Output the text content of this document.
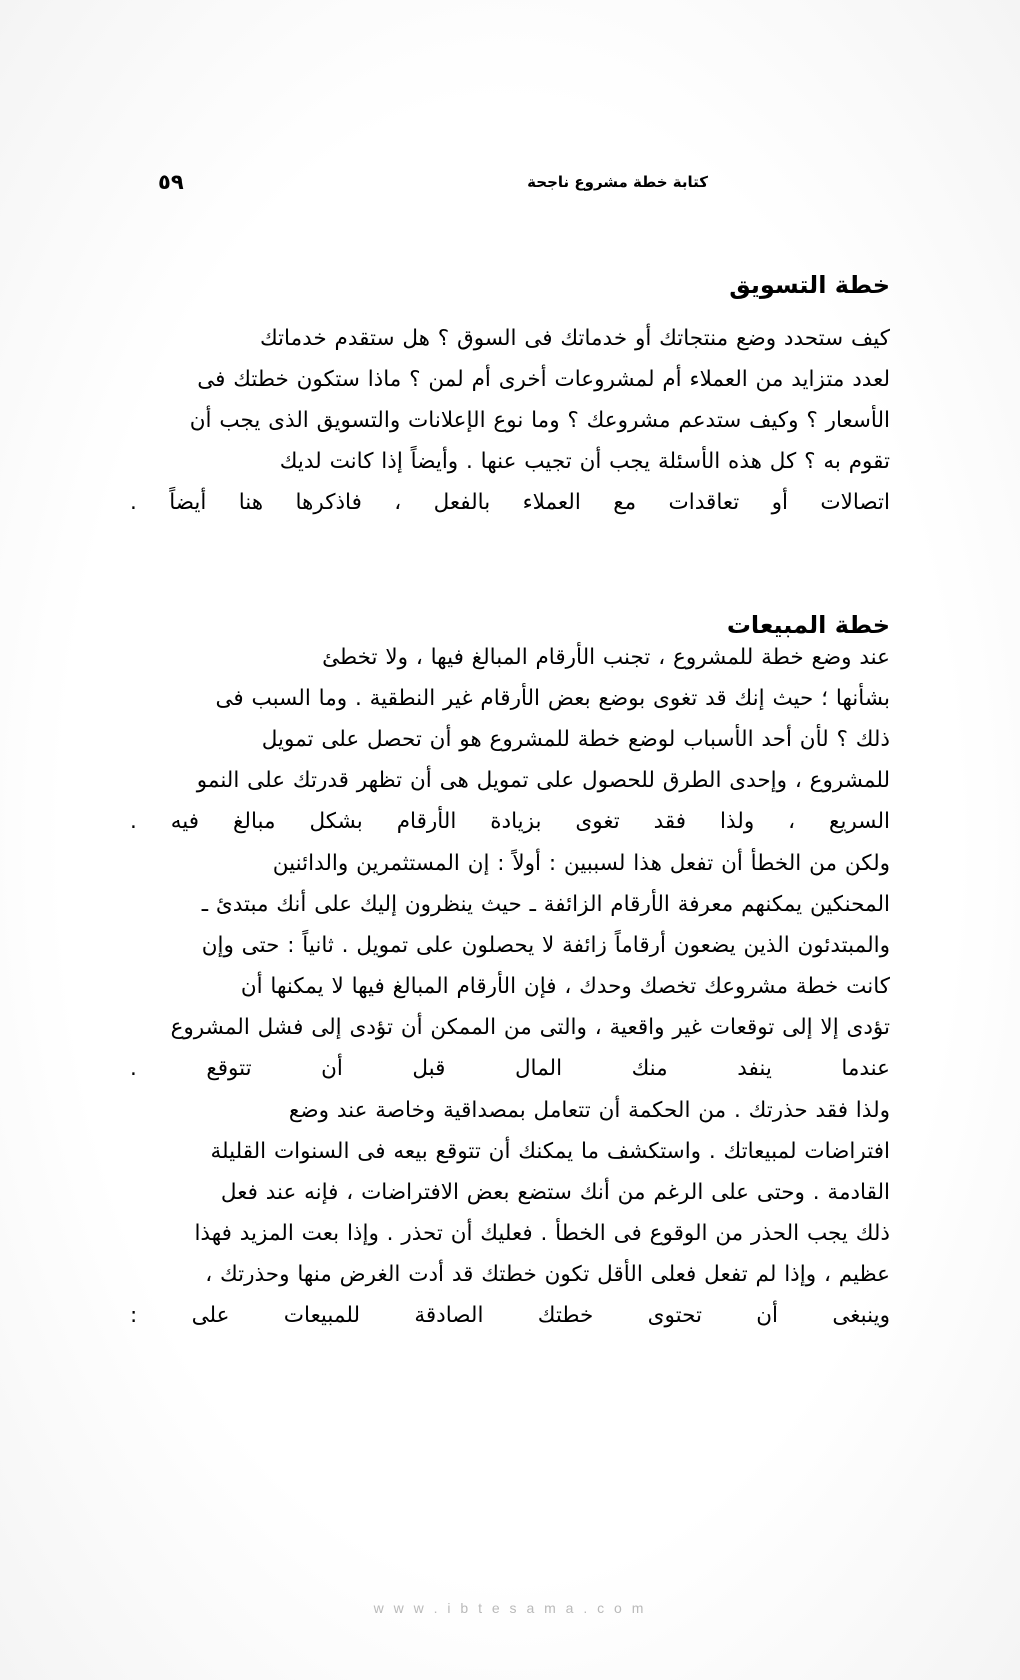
كتابة خطة مشروع ناجحة
٥٩
خطة التسويق
كيف ستحدد وضع منتجاتك أو خدماتك فى السوق ؟ هل ستقدم خدماتك
لعدد متزايد من العملاء أم لمشروعات أخرى أم لمن ؟ ماذا ستكون خطتك فى
الأسعار ؟ وكيف ستدعم مشروعك ؟ وما نوع الإعلانات والتسويق الذى يجب أن
تقوم به ؟ كل هذه الأسئلة يجب أن تجيب عنها . وأيضاً إذا كانت لديك
اتصالات أو تعاقدات مع العملاء بالفعل ، فاذكرها هنا أيضاً .
خطة المبيعات
عند وضع خطة للمشروع ، تجنب الأرقام المبالغ فيها ، ولا تخطئ
بشأنها ؛ حيث إنك قد تغوى بوضع بعض الأرقام غير النطقية . وما السبب فى
ذلك ؟ لأن أحد الأسباب لوضع خطة للمشروع هو أن تحصل على تمويل
للمشروع ، وإحدى الطرق للحصول على تمويل هى أن تظهر قدرتك على النمو
السريع ، ولذا فقد تغوى بزيادة الأرقام بشكل مبالغ فيه .
ولكن من الخطأ أن تفعل هذا لسببين : أولاً : إن المستثمرين والدائنين
المحنكين يمكنهم معرفة الأرقام الزائفة ـ حيث ينظرون إليك على أنك مبتدئ ـ
والمبتدئون الذين يضعون أرقاماً زائفة لا يحصلون على تمويل . ثانياً : حتى وإن
كانت خطة مشروعك تخصك وحدك ، فإن الأرقام المبالغ فيها لا يمكنها أن
تؤدى إلا إلى توقعات غير واقعية ، والتى من الممكن أن تؤدى إلى فشل المشروع
عندما ينفد منك المال قبل أن تتوقع .
ولذا فقد حذرتك . من الحكمة أن تتعامل بمصداقية وخاصة عند وضع
افتراضات لمبيعاتك . واستكشف ما يمكنك أن تتوقع بيعه فى السنوات القليلة
القادمة . وحتى على الرغم من أنك ستضع بعض الافتراضات ، فإنه عند فعل
ذلك يجب الحذر من الوقوع فى الخطأ . فعليك أن تحذر . وإذا بعت المزيد فهذا
عظيم ، وإذا لم تفعل فعلى الأقل تكون خطتك قد أدت الغرض منها وحذرتك ،
وينبغى أن تحتوى خطتك الصادقة للمبيعات على :
w w w . i b t e s a m a . c o m
